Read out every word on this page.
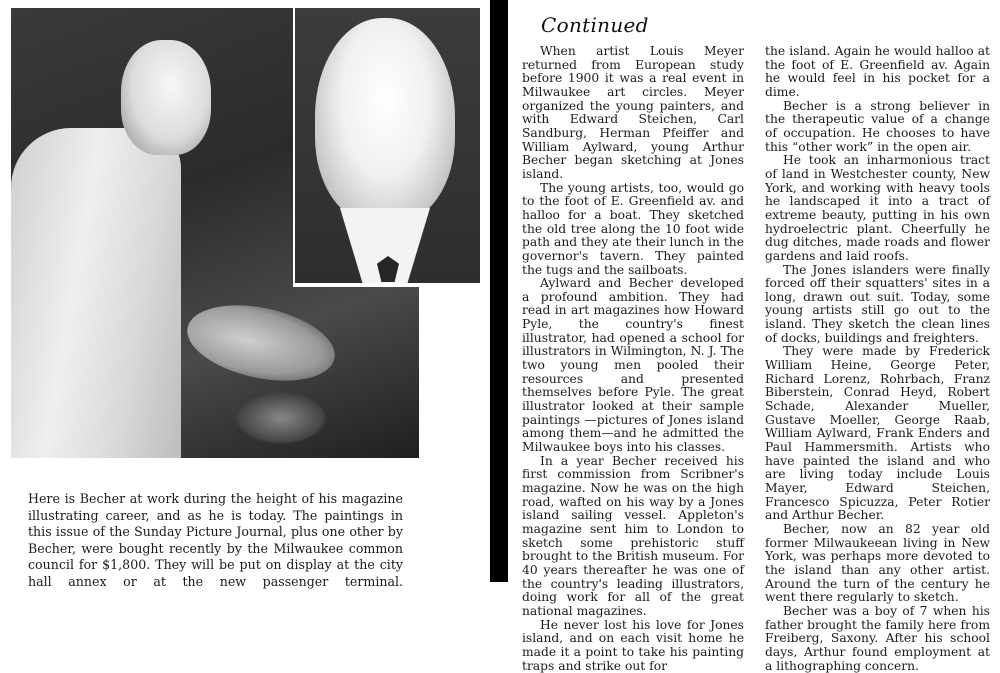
Here is Becher at work during the height of his magazine illustrating career, and as he is today. The paintings in this issue of the Sunday Picture Journal, plus one other by Becher, were bought recently by the Milwaukee common council for $1,800. They will be put on display at the city hall annex or at the new passenger terminal.

Continued

When artist Louis Meyer returned from European study before 1900 it was a real event in Milwaukee art circles. Meyer organized the young painters, and with Edward Steichen, Carl Sandburg, Herman Pfeiffer and William Aylward, young Arthur Becher began sketching at Jones island.

The young artists, too, would go to the foot of E. Greenfield av. and halloo for a boat. They sketched the old tree along the 10 foot wide path and they ate their lunch in the governor's tavern. They painted the tugs and the sailboats.

Aylward and Becher developed a profound ambition. They had read in art magazines how Howard Pyle, the country's finest illustrator, had opened a school for illustrators in Wilmington, N. J. The two young men pooled their resources and presented themselves before Pyle. The great illustrator looked at their sample paintings —pictures of Jones island among them—and he admitted the Milwaukee boys into his classes.

In a year Becher received his first commission from Scribner's magazine. Now he was on the high road, wafted on his way by a Jones island sailing vessel. Appleton's magazine sent him to London to sketch some prehistoric stuff brought to the British museum. For 40 years thereafter he was one of the country's leading illustrators, doing work for all of the great national magazines.

He never lost his love for Jones island, and on each visit home he made it a point to take his painting traps and strike out for

the island. Again he would halloo at the foot of E. Greenfield av. Again he would feel in his pocket for a dime.

Becher is a strong believer in the therapeutic value of a change of occupation. He chooses to have this “other work” in the open air.

He took an inharmonious tract of land in Westchester county, New York, and working with heavy tools he landscaped it into a tract of extreme beauty, putting in his own hydroelectric plant. Cheerfully he dug ditches, made roads and flower gardens and laid roofs.

The Jones islanders were finally forced off their squatters' sites in a long, drawn out suit. Today, some young artists still go out to the island. They sketch the clean lines of docks, buildings and freighters.

They were made by Frederick William Heine, George Peter, Richard Lorenz, Rohrbach, Franz Biberstein, Conrad Heyd, Robert Schade, Alexander Mueller, Gustave Moeller, George Raab, William Aylward, Frank Enders and Paul Hammersmith. Artists who have painted the island and who are living today include Louis Mayer, Edward Steichen, Francesco Spicuzza, Peter Rotier and Arthur Becher.

Becher, now an 82 year old former Milwaukeean living in New York, was perhaps more devoted to the island than any other artist. Around the turn of the century he went there regularly to sketch.

Becher was a boy of 7 when his father brought the family here from Freiberg, Saxony. After his school days, Arthur found employment at a lithographing concern.
